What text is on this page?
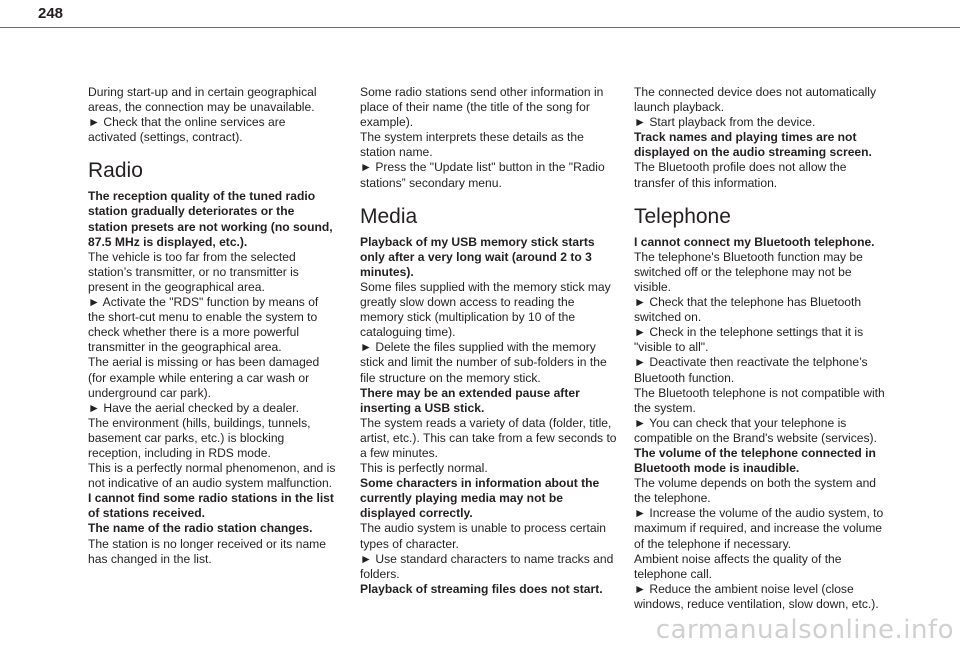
248

During start-up and in certain geographical areas, the connection may be unavailable.

► Check that the online services are activated (settings, contract).

Radio

The reception quality of the tuned radio station gradually deteriorates or the station presets are not working (no sound, 87.5 MHz is displayed, etc.).

The vehicle is too far from the selected station’s transmitter, or no transmitter is present in the geographical area.

► Activate the "RDS" function by means of the short-cut menu to enable the system to check whether there is a more powerful transmitter in the geographical area.

The aerial is missing or has been damaged (for example while entering a car wash or underground car park).

► Have the aerial checked by a dealer.

The environment (hills, buildings, tunnels, basement car parks, etc.) is blocking reception, including in RDS mode.

This is a perfectly normal phenomenon, and is not indicative of an audio system malfunction.

I cannot find some radio stations in the list of stations received.

The name of the radio station changes.

The station is no longer received or its name has changed in the list.

Some radio stations send other information in place of their name (the title of the song for example).

The system interprets these details as the station name.

► Press the "Update list" button in the "Radio stations” secondary menu.

Media

Playback of my USB memory stick starts only after a very long wait (around 2 to 3 minutes).

Some files supplied with the memory stick may greatly slow down access to reading the memory stick (multiplication by 10 of the cataloguing time).

► Delete the files supplied with the memory stick and limit the number of sub-folders in the file structure on the memory stick.

There may be an extended pause after inserting a USB stick.

The system reads a variety of data (folder, title, artist, etc.). This can take from a few seconds to a few minutes.

This is perfectly normal.

Some characters in information about the currently playing media may not be displayed correctly.

The audio system is unable to process certain types of character.

► Use standard characters to name tracks and folders.

Playback of streaming files does not start.

The connected device does not automatically launch playback.

► Start playback from the device.

Track names and playing times are not displayed on the audio streaming screen.

The Bluetooth profile does not allow the transfer of this information.

Telephone

I cannot connect my Bluetooth telephone.

The telephone's Bluetooth function may be switched off or the telephone may not be visible.

► Check that the telephone has Bluetooth switched on.

► Check in the telephone settings that it is "visible to all".

► Deactivate then reactivate the telphone’s Bluetooth function.

The Bluetooth telephone is not compatible with the system.

► You can check that your telephone is compatible on the Brand's website (services).

The volume of the telephone connected in Bluetooth mode is inaudible.

The volume depends on both the system and the telephone.

► Increase the volume of the audio system, to maximum if required, and increase the volume of the telephone if necessary.

Ambient noise affects the quality of the telephone call.

► Reduce the ambient noise level (close windows, reduce ventilation, slow down, etc.).

carmanualsonline.info
